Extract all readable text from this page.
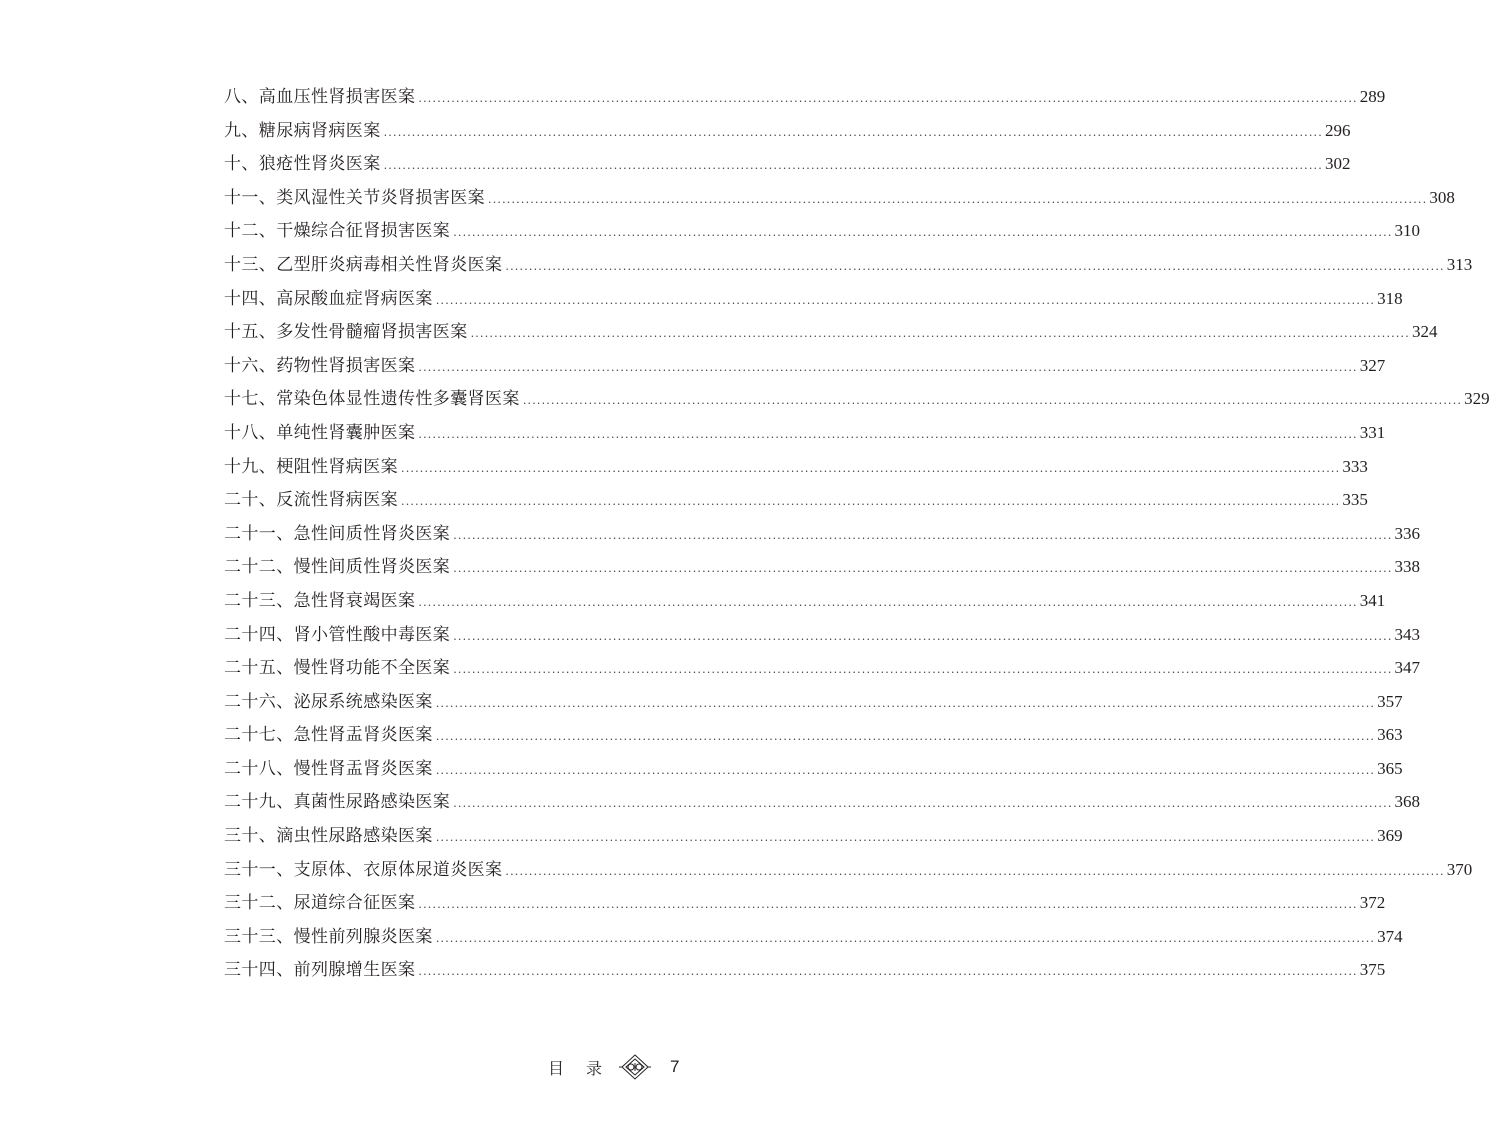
八、高血压性肾损害医案 ........................................................................................................................................................................................................ 289
九、糖尿病肾病医案 ........................................................................................................................................................................................................ 296
十、狼疮性肾炎医案 ........................................................................................................................................................................................................ 302
十一、类风湿性关节炎肾损害医案 ........................................................................................................................................................................................................ 308
十二、干燥综合征肾损害医案 ........................................................................................................................................................................................................ 310
十三、乙型肝炎病毒相关性肾炎医案 ........................................................................................................................................................................................................ 313
十四、高尿酸血症肾病医案 ........................................................................................................................................................................................................ 318
十五、多发性骨髓瘤肾损害医案 ........................................................................................................................................................................................................ 324
十六、药物性肾损害医案 ........................................................................................................................................................................................................ 327
十七、常染色体显性遗传性多囊肾医案 ........................................................................................................................................................................................................ 329
十八、单纯性肾囊肿医案 ........................................................................................................................................................................................................ 331
十九、梗阻性肾病医案 ........................................................................................................................................................................................................ 333
二十、反流性肾病医案 ........................................................................................................................................................................................................ 335
二十一、急性间质性肾炎医案 ........................................................................................................................................................................................................ 336
二十二、慢性间质性肾炎医案 ........................................................................................................................................................................................................ 338
二十三、急性肾衰竭医案 ........................................................................................................................................................................................................ 341
二十四、肾小管性酸中毒医案 ........................................................................................................................................................................................................ 343
二十五、慢性肾功能不全医案 ........................................................................................................................................................................................................ 347
二十六、泌尿系统感染医案 ........................................................................................................................................................................................................ 357
二十七、急性肾盂肾炎医案 ........................................................................................................................................................................................................ 363
二十八、慢性肾盂肾炎医案 ........................................................................................................................................................................................................ 365
二十九、真菌性尿路感染医案 ........................................................................................................................................................................................................ 368
三十、滴虫性尿路感染医案 ........................................................................................................................................................................................................ 369
三十一、支原体、衣原体尿道炎医案 ........................................................................................................................................................................................................ 370
三十二、尿道综合征医案 ........................................................................................................................................................................................................ 372
三十三、慢性前列腺炎医案 ........................................................................................................................................................................................................ 374
三十四、前列腺增生医案 ........................................................................................................................................................................................................ 375
目录	7
